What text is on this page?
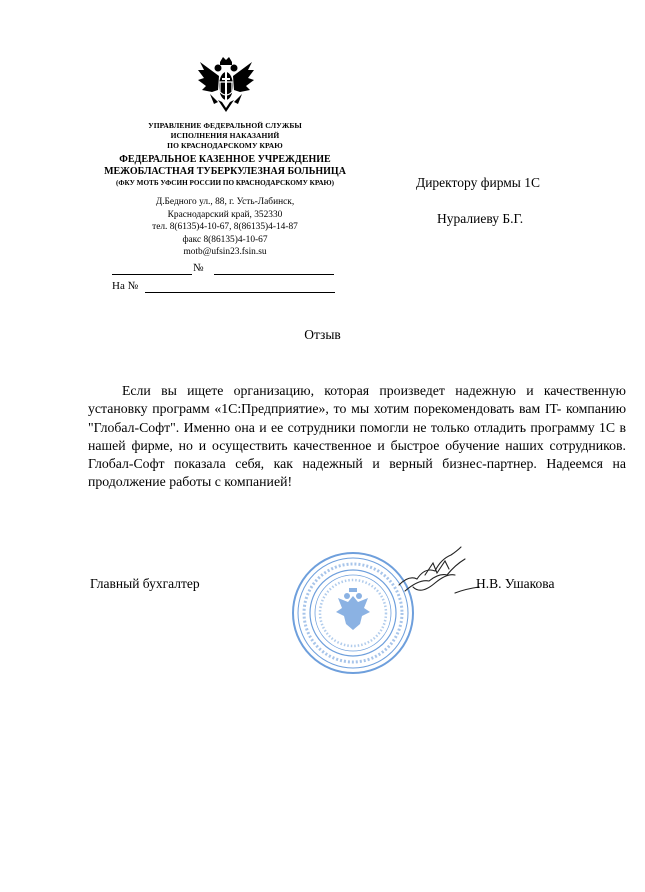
УПРАВЛЕНИЕ ФЕДЕРАЛЬНОЙ СЛУЖБЫ
ИСПОЛНЕНИЯ НАКАЗАНИЙ
ПО КРАСНОДАРСКОМУ КРАЮ
ФЕДЕРАЛЬНОЕ КАЗЕННОЕ УЧРЕЖДЕНИЕ
МЕЖОБЛАСТНАЯ ТУБЕРКУЛЕЗНАЯ БОЛЬНИЦА
(ФКУ МОТБ УФСИН РОССИИ ПО КРАСНОДАРСКОМУ КРАЮ)
Д.Бедного ул., 88, г. Усть-Лабинск,
Краснодарский край, 352330
тел. 8(6135)4-10-67, 8(86135)4-14-87
факс 8(86135)4-10-67
motb@ufsin23.fsin.su
№
На №
Директору фирмы 1С
Нуралиеву Б.Г.
Отзыв
Если вы ищете организацию, которая произведет надежную и качественную установку программ «1С:Предприятие», то мы хотим порекомендовать вам IT- компанию "Глобал-Софт". Именно она и ее сотрудники помогли не только отладить программу 1С в нашей фирме, но и осуществить качественное и быстрое обучение наших сотрудников. Глобал-Софт показала себя, как надежный и верный бизнес-партнер. Надеемся на продолжение работы с компанией!
Главный бухгалтер	Н.В. Ушакова
